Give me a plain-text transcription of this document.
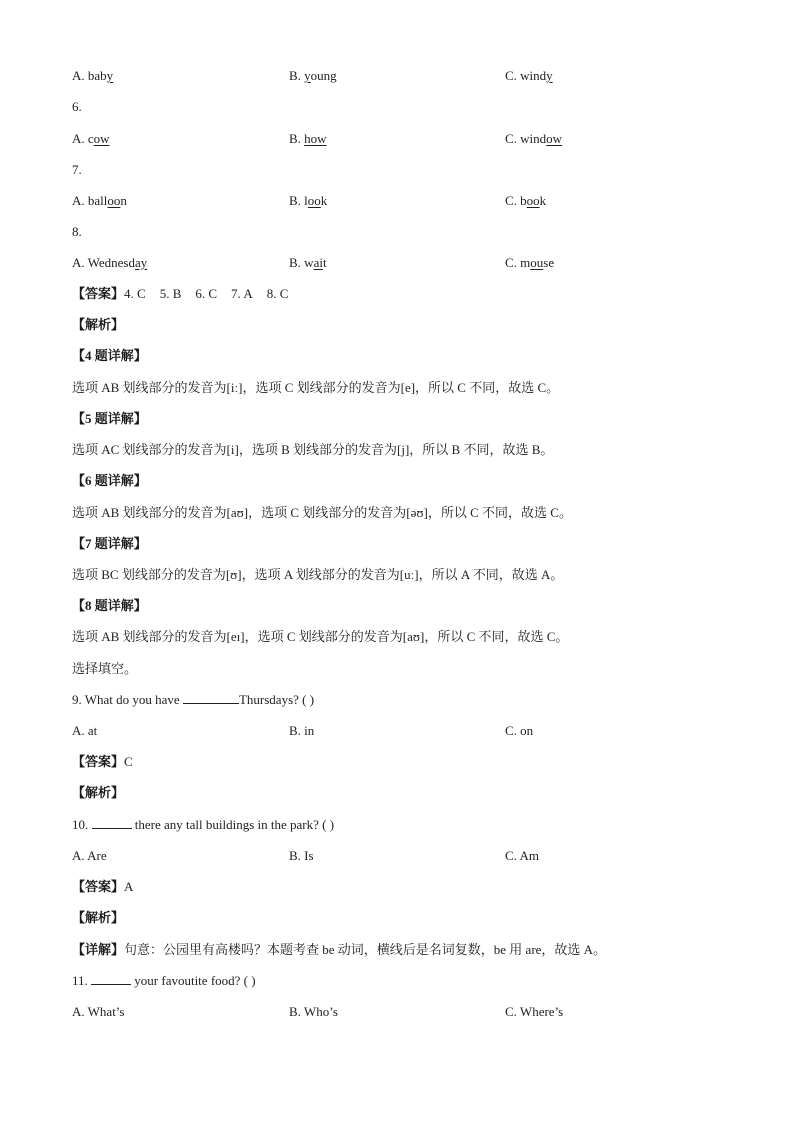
A. baby	B. young	C. windy
6.
A. cow	B. how	C. window
7.
A. balloon	B. look	C. book
8.
A. Wednesday	B. wait	C. mouse
【答案】4. C 5. B 6. C 7. A 8. C
【解析】
【4 题详解】
选项 AB 划线部分的发音为[iː]，选项 C 划线部分的发音为[e]，所以 C 不同，故选 C。
【5 题详解】
选项 AC 划线部分的发音为[i]，选项 B 划线部分的发音为[j]，所以 B 不同，故选 B。
【6 题详解】
选项 AB 划线部分的发音为[aʊ]，选项 C 划线部分的发音为[əʊ]，所以 C 不同，故选 C。
【7 题详解】
选项 BC 划线部分的发音为[ʊ]，选项 A 划线部分的发音为[uː]，所以 A 不同，故选 A。
【8 题详解】
选项 AB 划线部分的发音为[eɪ]，选项 C 划线部分的发音为[aʊ]，所以 C 不同，故选 C。
选择填空。
9. What do you have	Thursdays? ( )
A. at	B. in	C. on
【答案】C
【解析】
10.	there any tall buildings in the park? ( )
A. Are	B. Is	C. Am
【答案】A
【解析】
【详解】句意：公园里有高楼吗？本题考查 be 动词，横线后是名词复数，be 用 are，故选 A。
11.	your favoutite food? ( )
A. What’s	B. Who’s	C. Where’s
